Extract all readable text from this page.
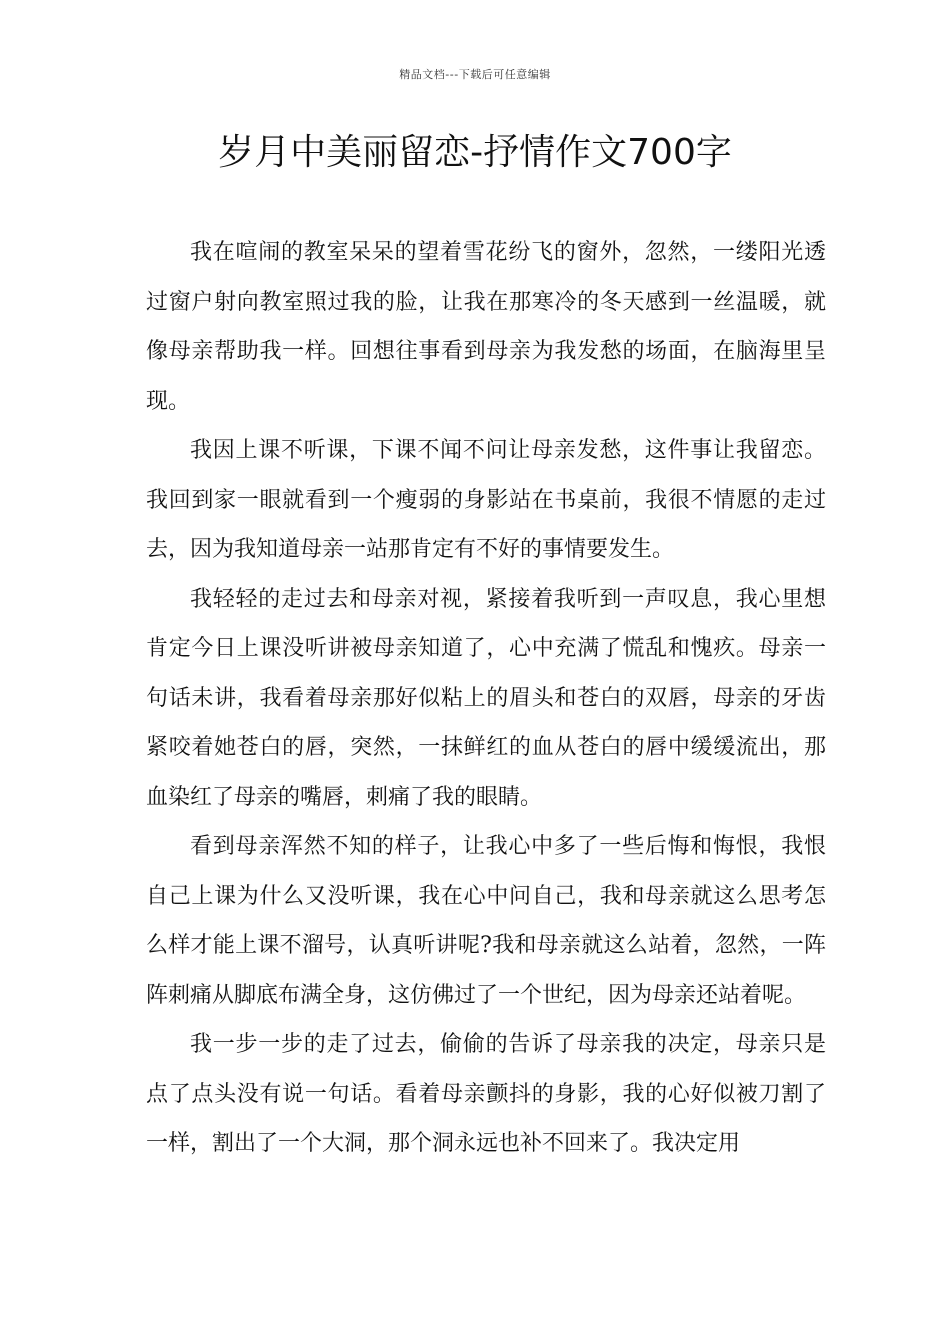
精品文档---下载后可任意编辑
岁月中美丽留恋-抒情作文700字

我在喧闹的教室呆呆的望着雪花纷飞的窗外，忽然，一缕阳光透过窗户射向教室照过我的脸，让我在那寒冷的冬天感到一丝温暖，就像母亲帮助我一样。回想往事看到母亲为我发愁的场面，在脑海里呈现。

我因上课不听课，下课不闻不问让母亲发愁，这件事让我留恋。我回到家一眼就看到一个瘦弱的身影站在书桌前，我很不情愿的走过去，因为我知道母亲一站那肯定有不好的事情要发生。

我轻轻的走过去和母亲对视，紧接着我听到一声叹息，我心里想肯定今日上课没听讲被母亲知道了，心中充满了慌乱和愧疚。母亲一句话未讲，我看着母亲那好似粘上的眉头和苍白的双唇，母亲的牙齿紧咬着她苍白的唇，突然，一抹鲜红的血从苍白的唇中缓缓流出，那血染红了母亲的嘴唇，刺痛了我的眼睛。

看到母亲浑然不知的样子，让我心中多了一些后悔和悔恨，我恨自己上课为什么又没听课，我在心中问自己，我和母亲就这么思考怎么样才能上课不溜号，认真听讲呢?我和母亲就这么站着，忽然，一阵阵刺痛从脚底布满全身，这仿佛过了一个世纪，因为母亲还站着呢。

我一步一步的走了过去，偷偷的告诉了母亲我的决定，母亲只是点了点头没有说一句话。看着母亲颤抖的身影，我的心好似被刀割了一样，割出了一个大洞，那个洞永远也补不回来了。我决定用
